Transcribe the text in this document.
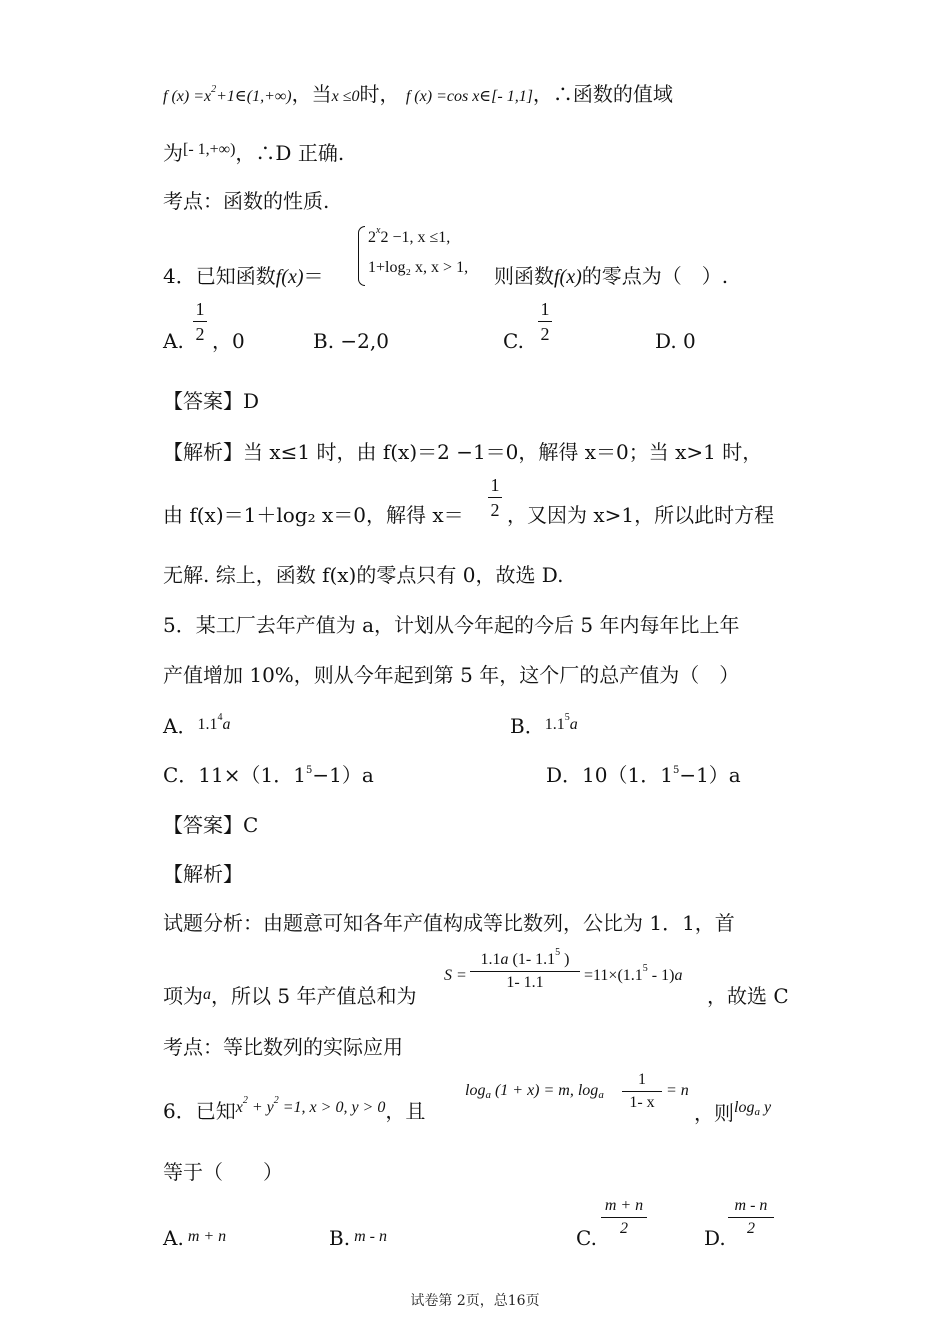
f $(x) =x^2+1\in(1,+\infty)$，当x ≤0时， f (x) =cos x∈[- 1,1]，∴函数的值域
为$^{[- 1,+\infty)}$，∴D 正确.
考点：函数的性质.
4．已知函数f(x)＝
$2^x2 -1$, x ≤1,
1+log₂ x, x > 1, 则函数f(x)的零点为（　）.
A.
1
2 ，0	B. −2,0	C.
1
2	D. 0
【答案】D
【解析】当 x≤1 时，由 f(x)＝2 −1＝0，解得 x＝0；当 x>1 时，
由 f(x)＝1＋log₂ x＝0，解得 x＝
1
2 ，又因为 x>1，所以此时方程
无解. 综上，函数 f(x)的零点只有 0，故选 D.
5．某工厂去年产值为 a，计划从今年起的今后 5 年内每年比上年
产值增加 10%，则从今年起到第 5 年，这个厂的总产值为（　）
A．$^{1.1^4a}$	B．$^{1.1^5a}$
C．11×（1．$1^5-1)a$	D．10（1．$1^5-1)a$
【答案】C
【解析】
试题分析：由题意可知各年产值构成等比数列，公比为 1．1，首
项为$^a$，所以 5 年产值总和为
S =
1.1a (1- $1.1^5$ )
1- 1.1	$=11\times(1.1^5 - 1)a$
，故选 C
考点：等比数列的实际应用
6．已知$^{x^2 + y^2 =1, x > 0, y > 0}$，且
$\log_a (1 + x) = m$, $\log_a$
1
1- x
= n
，则$^{log_a y}$
等于（　　）
A. $^{m + n}$	B. $^{m - n}$	C.
m + n
2	D.
m - n
2
试卷第 2页，总16页
